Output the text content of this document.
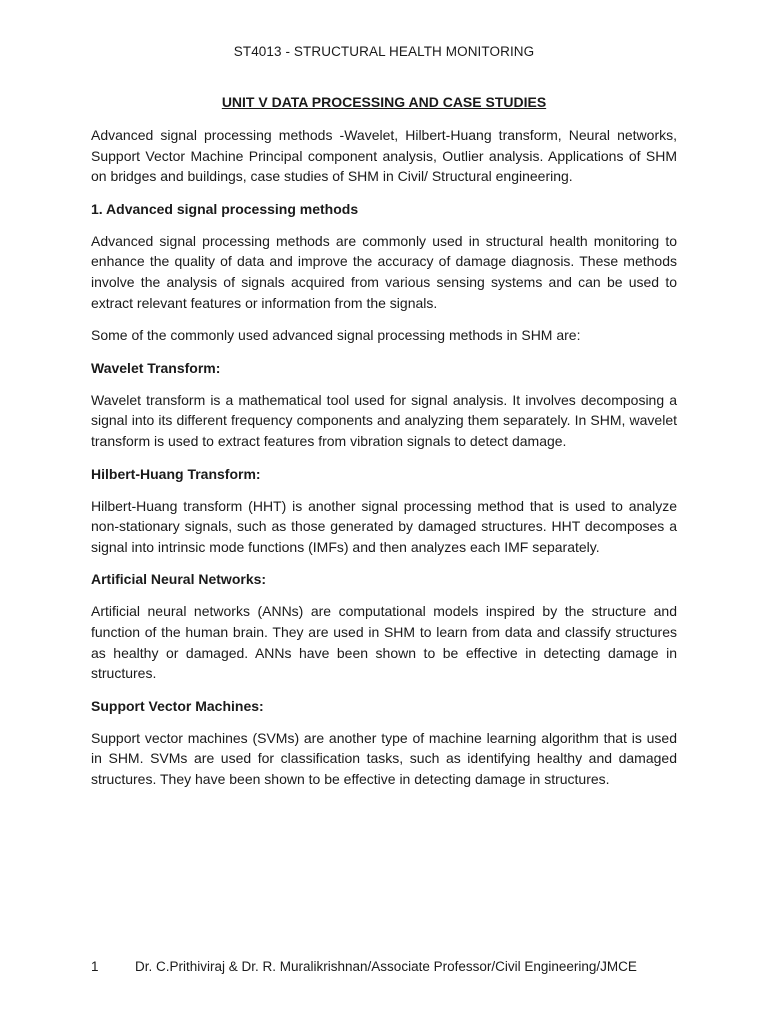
ST4013 - STRUCTURAL HEALTH MONITORING
UNIT V DATA PROCESSING AND CASE STUDIES

Advanced signal processing methods -Wavelet, Hilbert-Huang transform, Neural networks, Support Vector Machine Principal component analysis, Outlier analysis. Applications of SHM on bridges and buildings, case studies of SHM in Civil/ Structural engineering.

1. Advanced signal processing methods

Advanced signal processing methods are commonly used in structural health monitoring to enhance the quality of data and improve the accuracy of damage diagnosis. These methods involve the analysis of signals acquired from various sensing systems and can be used to extract relevant features or information from the signals.

Some of the commonly used advanced signal processing methods in SHM are:

Wavelet Transform:

Wavelet transform is a mathematical tool used for signal analysis. It involves decomposing a signal into its different frequency components and analyzing them separately. In SHM, wavelet transform is used to extract features from vibration signals to detect damage.

Hilbert-Huang Transform:

Hilbert-Huang transform (HHT) is another signal processing method that is used to analyze non-stationary signals, such as those generated by damaged structures. HHT decomposes a signal into intrinsic mode functions (IMFs) and then analyzes each IMF separately.

Artificial Neural Networks:

Artificial neural networks (ANNs) are computational models inspired by the structure and function of the human brain. They are used in SHM to learn from data and classify structures as healthy or damaged. ANNs have been shown to be effective in detecting damage in structures.

Support Vector Machines:

Support vector machines (SVMs) are another type of machine learning algorithm that is used in SHM. SVMs are used for classification tasks, such as identifying healthy and damaged structures. They have been shown to be effective in detecting damage in structures.

1	Dr. C.Prithiviraj & Dr. R. Muralikrishnan/Associate Professor/Civil Engineering/JMCE
